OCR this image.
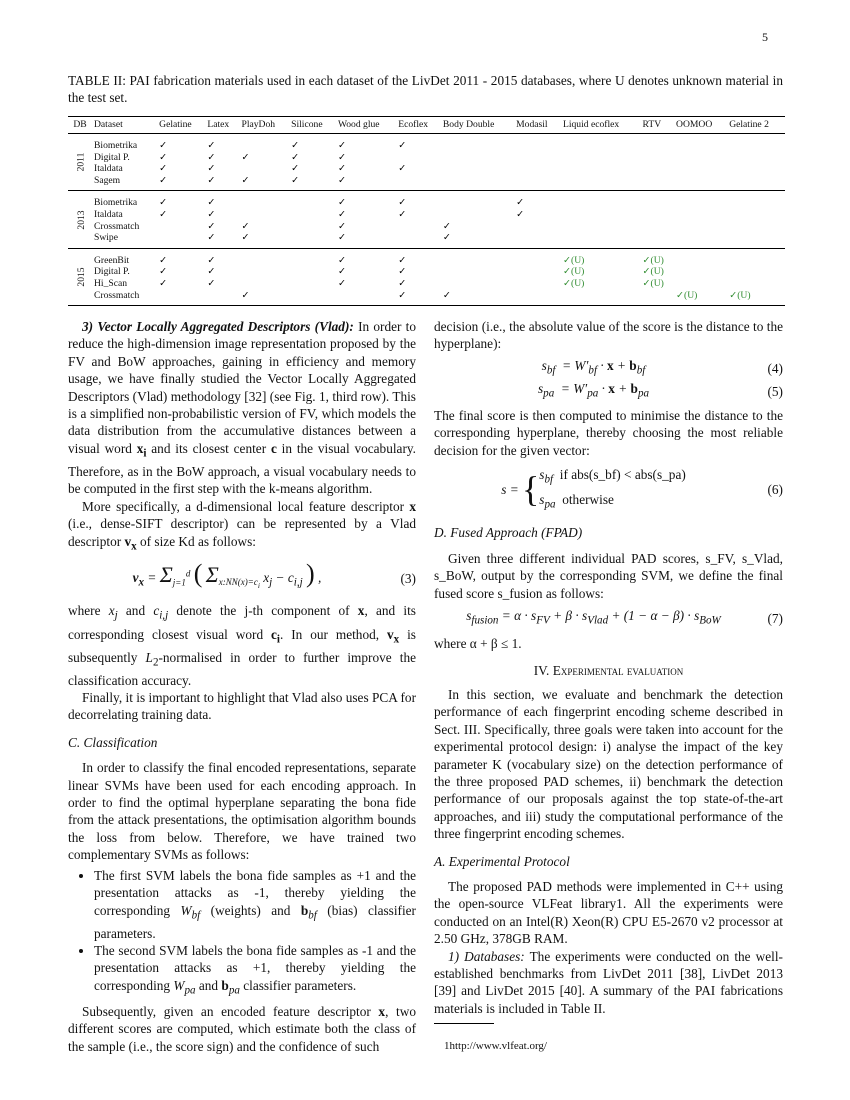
5
TABLE II: PAI fabrication materials used in each dataset of the LivDet 2011 - 2015 databases, where U denotes unknown material in the test set.
DB	Dataset	Gelatine	Latex	PlayDoh	Silicone	Wood glue	Ecoflex	Body Double	Modasil	Liquid ecoflex	RTV	OOMOO	Gelatine 2

2011	Biometrika	✓	✓		✓	✓	✓						
	Digital P.	✓	✓	✓	✓	✓							
	Italdata	✓	✓		✓	✓	✓						
	Sagem	✓	✓	✓	✓	✓							

2013	Biometrika	✓	✓			✓	✓		✓				
	Italdata	✓	✓			✓	✓		✓				
	Crossmatch		✓	✓		✓		✓					
	Swipe		✓	✓		✓		✓					

2015	GreenBit	✓	✓			✓	✓			✓(U)	✓(U)		
	Digital P.	✓	✓			✓	✓			✓(U)	✓(U)		
	Hi_Scan	✓	✓			✓	✓			✓(U)	✓(U)		
	Crossmatch			✓			✓	✓				✓(U)	✓(U)

3) Vector Locally Aggregated Descriptors (Vlad): In order to reduce the high-dimension image representation proposed by the FV and BoW approaches, gaining in efficiency and memory usage, we have finally studied the Vector Locally Aggregated Descriptors (Vlad) methodology [32] (see Fig. 1, third row). This is a simplified non-probabilistic version of FV, which models the data distribution from the accumulative distances between a visual word $x_i$ and its closest center c in the visual vocabulary. Therefore, as in the BoW approach, a visual vocabulary needs to be computed in the first step with the k-means algorithm.

More specifically, a d-dimensional local feature descriptor x (i.e., dense-SIFT descriptor) can be represented by a Vlad descriptor $v_x$ of size Kd as follows:

$v_x = \Sigma_{j=1}^d$ ( $\Sigma_{x:NN(x)=c_i}$ $x_j - c_{i,j}$ ) ,	(3)

where $x_j$ and $c_{i,j}$ denote the j-th component of x, and its corresponding closest visual word $c_i$. In our method, $v_x$ is subsequently $L_2$-normalised in order to further improve the classification accuracy.

Finally, it is important to highlight that Vlad also uses PCA for decorrelating training data.

C. Classification

In order to classify the final encoded representations, separate linear SVMs have been used for each encoding approach. In order to find the optimal hyperplane separating the bona fide from the attack presentations, the optimisation algorithm bounds the loss from below. Therefore, we have trained two complementary SVMs as follows:

• The first SVM labels the bona fide samples as +1 and the presentation attacks as -1, thereby yielding the corresponding $W_{bf}$ (weights) and $b_{bf}$ (bias) classifier parameters.
• The second SVM labels the bona fide samples as -1 and the presentation attacks as +1, thereby yielding the corresponding $W_{pa}$ and $b_{pa}$ classifier parameters.

Subsequently, given an encoded feature descriptor x, two different scores are computed, which estimate both the class of the sample (i.e., the score sign) and the confidence of such

decision (i.e., the absolute value of the score is the distance to the hyperplane):

$s_{bf} = W'_{bf} \cdot x + b_{bf}$	(4)
$s_{pa} = W'_{pa} \cdot x + b_{pa}$	(5)

The final score is then computed to minimise the distance to the corresponding hyperplane, thereby choosing the most reliable decision for the given vector:

s = { $s_{bf}$ if abs(s_bf) < abs(s_pa)
$s_{pa}$ otherwise
(6)

D. Fused Approach (FPAD)

Given three different individual PAD scores, s_FV, s_Vlad, s_BoW, output by the corresponding SVM, we define the final fused score s_fusion as follows:

$s_{fusion} = \alpha \cdot s_{FV} + \beta \cdot s_{Vlad} + (1 - \alpha - \beta) \cdot s_{BoW}$	(7)

where α + β ≤ 1.

IV. Experimental evaluation

In this section, we evaluate and benchmark the detection performance of each fingerprint encoding scheme described in Sect. III. Specifically, three goals were taken into account for the experimental protocol design: i) analyse the impact of the key parameter K (vocabulary size) on the detection performance of the three proposed PAD schemes, ii) benchmark the detection performance of our proposals against the top state-of-the-art approaches, and iii) study the computational performance of the three fingerprint encoding schemes.

A. Experimental Protocol

The proposed PAD methods were implemented in C++ using the open-source VLFeat library1. All the experiments were conducted on an Intel(R) Xeon(R) CPU E5-2670 v2 processor at 2.50 GHz, 378GB RAM.

1) Databases: The experiments were conducted on the well-established benchmarks from LivDet 2011 [38], LivDet 2013 [39] and LivDet 2015 [40]. A summary of the PAI fabrications materials is included in Table II.

1http://www.vlfeat.org/
